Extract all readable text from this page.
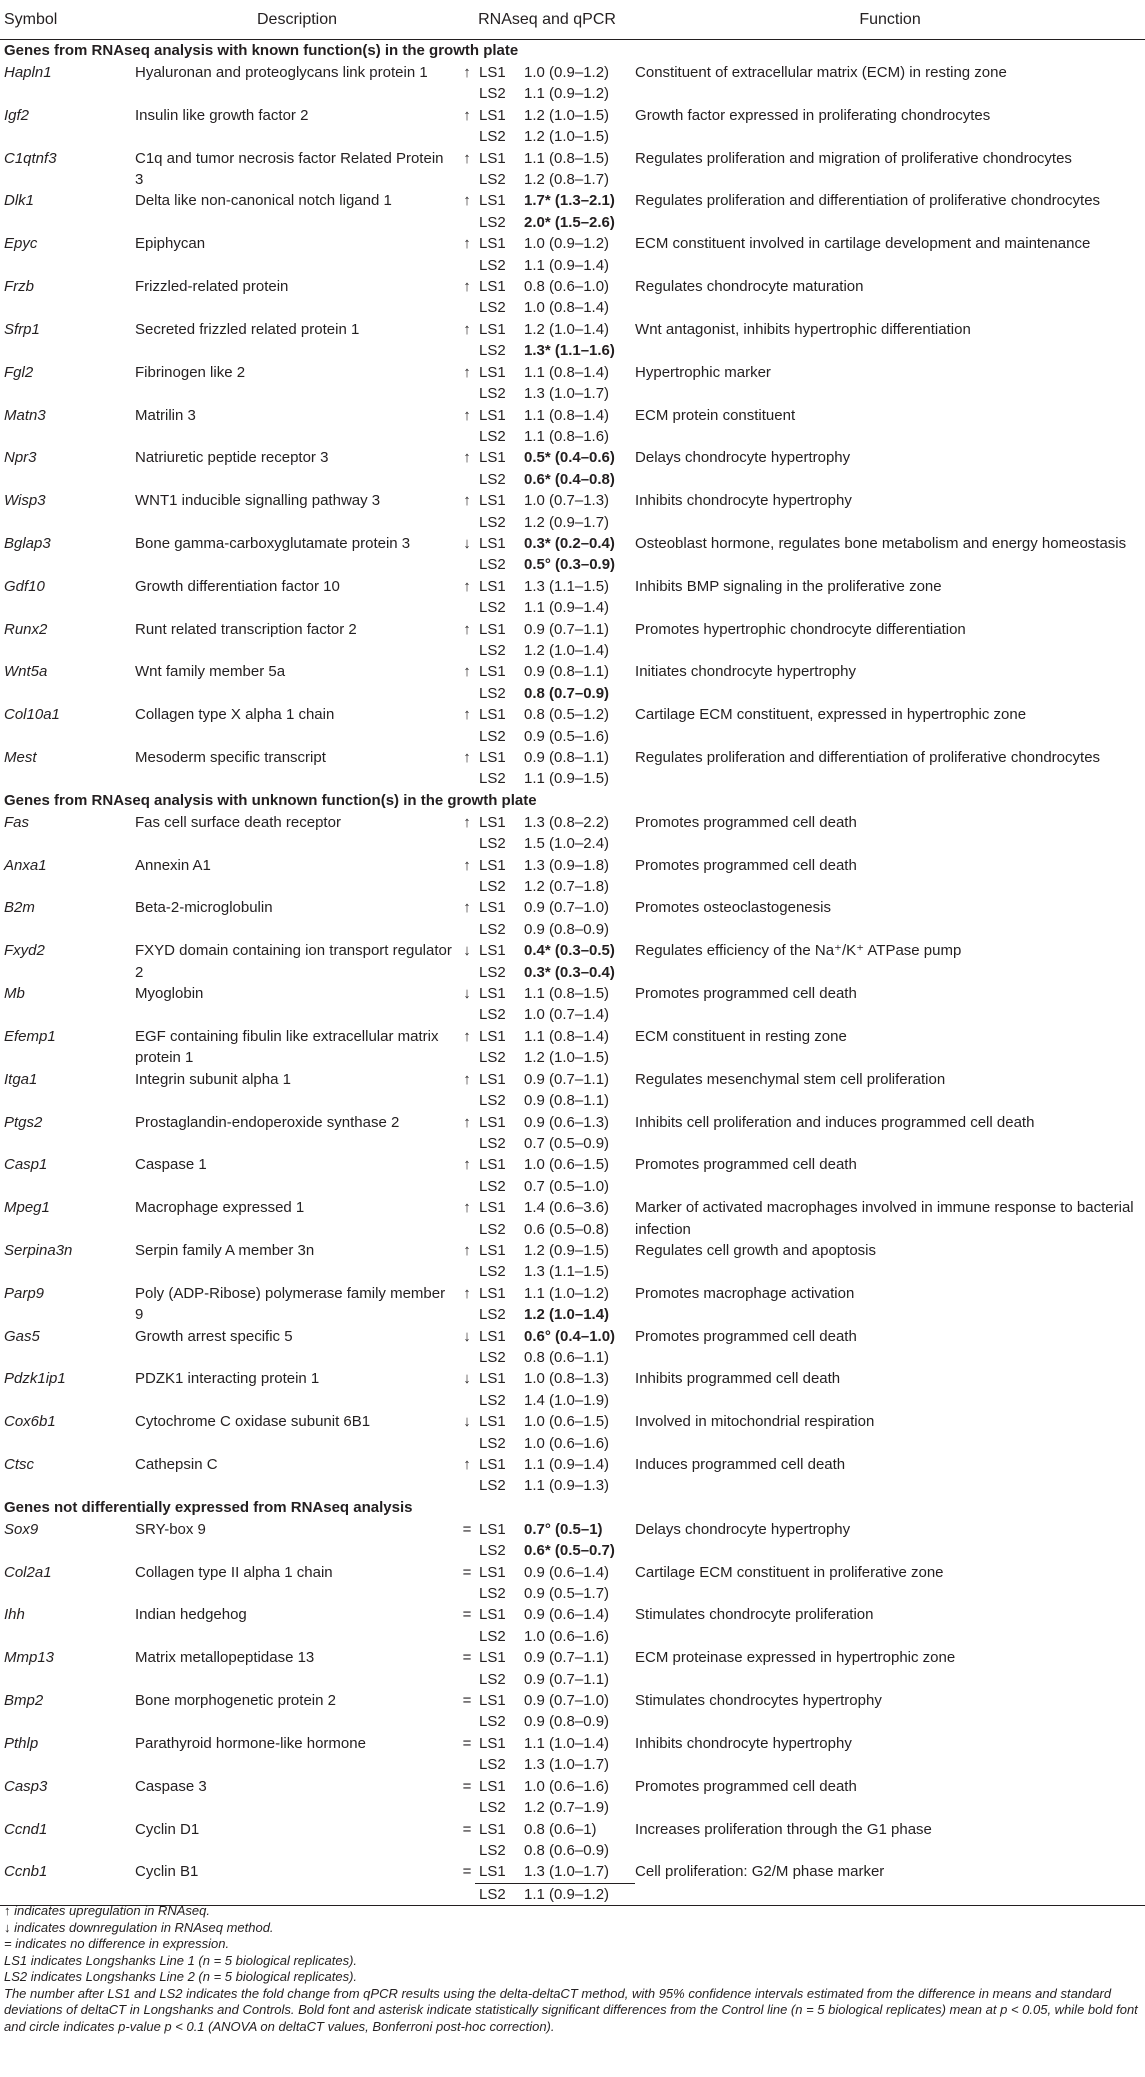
Symbol	Description	RNAseq and qPCR			Function
Genes from RNAseq analysis with known function(s) in the growth plate					
Hapln1	Hyaluronan and proteoglycans link protein 1	↑	LS1	1.0 (0.9–1.2)	Constituent of extracellular matrix (ECM) in resting zone
			LS2	1.1 (0.9–1.2)	
Igf2	Insulin like growth factor 2	↑	LS1	1.2 (1.0–1.5)	Growth factor expressed in proliferating chondrocytes
			LS2	1.2 (1.0–1.5)	
C1qtnf3	C1q and tumor necrosis factor Related Protein 3	↑	LS1	1.1 (0.8–1.5)	Regulates proliferation and migration of proliferative chondrocytes
			LS2	1.2 (0.8–1.7)	
Dlk1	Delta like non-canonical notch ligand 1	↑	LS1	1.7* (1.3–2.1)	Regulates proliferation and differentiation of proliferative chondrocytes
			LS2	2.0* (1.5–2.6)	
Epyc	Epiphycan	↑	LS1	1.0 (0.9–1.2)	ECM constituent involved in cartilage development and maintenance
			LS2	1.1 (0.9–1.4)	
Frzb	Frizzled-related protein	↑	LS1	0.8 (0.6–1.0)	Regulates chondrocyte maturation
			LS2	1.0 (0.8–1.4)	
Sfrp1	Secreted frizzled related protein 1	↑	LS1	1.2 (1.0–1.4)	Wnt antagonist, inhibits hypertrophic differentiation
			LS2	1.3* (1.1–1.6)	
Fgl2	Fibrinogen like 2	↑	LS1	1.1 (0.8–1.4)	Hypertrophic marker
			LS2	1.3 (1.0–1.7)	
Matn3	Matrilin 3	↑	LS1	1.1 (0.8–1.4)	ECM protein constituent
			LS2	1.1 (0.8–1.6)	
Npr3	Natriuretic peptide receptor 3	↑	LS1	0.5* (0.4–0.6)	Delays chondrocyte hypertrophy
			LS2	0.6* (0.4–0.8)	
Wisp3	WNT1 inducible signalling pathway 3	↑	LS1	1.0 (0.7–1.3)	Inhibits chondrocyte hypertrophy
			LS2	1.2 (0.9–1.7)	
Bglap3	Bone gamma-carboxyglutamate protein 3	↓	LS1	0.3* (0.2–0.4)	Osteoblast hormone, regulates bone metabolism and energy homeostasis
			LS2	0.5° (0.3–0.9)	
Gdf10	Growth differentiation factor 10	↑	LS1	1.3 (1.1–1.5)	Inhibits BMP signaling in the proliferative zone
			LS2	1.1 (0.9–1.4)	
Runx2	Runt related transcription factor 2	↑	LS1	0.9 (0.7–1.1)	Promotes hypertrophic chondrocyte differentiation
			LS2	1.2 (1.0–1.4)	
Wnt5a	Wnt family member 5a	↑	LS1	0.9 (0.8–1.1)	Initiates chondrocyte hypertrophy
			LS2	0.8 (0.7–0.9)	
Col10a1	Collagen type X alpha 1 chain	↑	LS1	0.8 (0.5–1.2)	Cartilage ECM constituent, expressed in hypertrophic zone
			LS2	0.9 (0.5–1.6)	
Mest	Mesoderm specific transcript	↑	LS1	0.9 (0.8–1.1)	Regulates proliferation and differentiation of proliferative chondrocytes
			LS2	1.1 (0.9–1.5)	
Genes from RNAseq analysis with unknown function(s) in the growth plate					
Fas	Fas cell surface death receptor	↑	LS1	1.3 (0.8–2.2)	Promotes programmed cell death
			LS2	1.5 (1.0–2.4)	
Anxa1	Annexin A1	↑	LS1	1.3 (0.9–1.8)	Promotes programmed cell death
			LS2	1.2 (0.7–1.8)	
B2m	Beta-2-microglobulin	↑	LS1	0.9 (0.7–1.0)	Promotes osteoclastogenesis
			LS2	0.9 (0.8–0.9)	
Fxyd2	FXYD domain containing ion transport regulator 2	↓	LS1	0.4* (0.3–0.5)	Regulates efficiency of the Na⁺/K⁺ ATPase pump
			LS2	0.3* (0.3–0.4)	
Mb	Myoglobin	↓	LS1	1.1 (0.8–1.5)	Promotes programmed cell death
			LS2	1.0 (0.7–1.4)	
Efemp1	EGF containing fibulin like extracellular matrix protein 1	↑	LS1	1.1 (0.8–1.4)	ECM constituent in resting zone
			LS2	1.2 (1.0–1.5)	
Itga1	Integrin subunit alpha 1	↑	LS1	0.9 (0.7–1.1)	Regulates mesenchymal stem cell proliferation
			LS2	0.9 (0.8–1.1)	
Ptgs2	Prostaglandin-endoperoxide synthase 2	↑	LS1	0.9 (0.6–1.3)	Inhibits cell proliferation and induces programmed cell death
			LS2	0.7 (0.5–0.9)	
Casp1	Caspase 1	↑	LS1	1.0 (0.6–1.5)	Promotes programmed cell death
			LS2	0.7 (0.5–1.0)	
Mpeg1	Macrophage expressed 1	↑	LS1	1.4 (0.6–3.6)	Marker of activated macrophages involved in immune response to bacterial infection
			LS2	0.6 (0.5–0.8)	
Serpina3n	Serpin family A member 3n	↑	LS1	1.2 (0.9–1.5)	Regulates cell growth and apoptosis
			LS2	1.3 (1.1–1.5)	
Parp9	Poly (ADP-Ribose) polymerase family member 9	↑	LS1	1.1 (1.0–1.2)	Promotes macrophage activation
			LS2	1.2 (1.0–1.4)	
Gas5	Growth arrest specific 5	↓	LS1	0.6° (0.4–1.0)	Promotes programmed cell death
			LS2	0.8 (0.6–1.1)	
Pdzk1ip1	PDZK1 interacting protein 1	↓	LS1	1.0 (0.8–1.3)	Inhibits programmed cell death
			LS2	1.4 (1.0–1.9)	
Cox6b1	Cytochrome C oxidase subunit 6B1	↓	LS1	1.0 (0.6–1.5)	Involved in mitochondrial respiration
			LS2	1.0 (0.6–1.6)	
Ctsc	Cathepsin C	↑	LS1	1.1 (0.9–1.4)	Induces programmed cell death
			LS2	1.1 (0.9–1.3)	
Genes not differentially expressed from RNAseq analysis					
Sox9	SRY-box 9	=	LS1	0.7° (0.5–1)	Delays chondrocyte hypertrophy
			LS2	0.6* (0.5–0.7)	
Col2a1	Collagen type II alpha 1 chain	=	LS1	0.9 (0.6–1.4)	Cartilage ECM constituent in proliferative zone
			LS2	0.9 (0.5–1.7)	
Ihh	Indian hedgehog	=	LS1	0.9 (0.6–1.4)	Stimulates chondrocyte proliferation
			LS2	1.0 (0.6–1.6)	
Mmp13	Matrix metallopeptidase 13	=	LS1	0.9 (0.7–1.1)	ECM proteinase expressed in hypertrophic zone
			LS2	0.9 (0.7–1.1)	
Bmp2	Bone morphogenetic protein 2	=	LS1	0.9 (0.7–1.0)	Stimulates chondrocytes hypertrophy
			LS2	0.9 (0.8–0.9)	
Pthlp	Parathyroid hormone-like hormone	=	LS1	1.1 (1.0–1.4)	Inhibits chondrocyte hypertrophy
			LS2	1.3 (1.0–1.7)	
Casp3	Caspase 3	=	LS1	1.0 (0.6–1.6)	Promotes programmed cell death
			LS2	1.2 (0.7–1.9)	
Ccnd1	Cyclin D1	=	LS1	0.8 (0.6–1)	Increases proliferation through the G1 phase
			LS2	0.8 (0.6–0.9)	
Ccnb1	Cyclin B1	=	LS1	1.3 (1.0–1.7)	Cell proliferation: G2/M phase marker
			LS2	1.1 (0.9–1.2)	

↑ indicates upregulation in RNAseq.

↓ indicates downregulation in RNAseq method.

= indicates no difference in expression.

LS1 indicates Longshanks Line 1 (n = 5 biological replicates).

LS2 indicates Longshanks Line 2 (n = 5 biological replicates).

The number after LS1 and LS2 indicates the fold change from qPCR results using the delta-deltaCT method, with 95% confidence intervals estimated from the difference in means and standard deviations of deltaCT in Longshanks and Controls. Bold font and asterisk indicate statistically significant differences from the Control line (n = 5 biological replicates) mean at p < 0.05, while bold font and circle indicates p-value p < 0.1 (ANOVA on deltaCT values, Bonferroni post-hoc correction).
